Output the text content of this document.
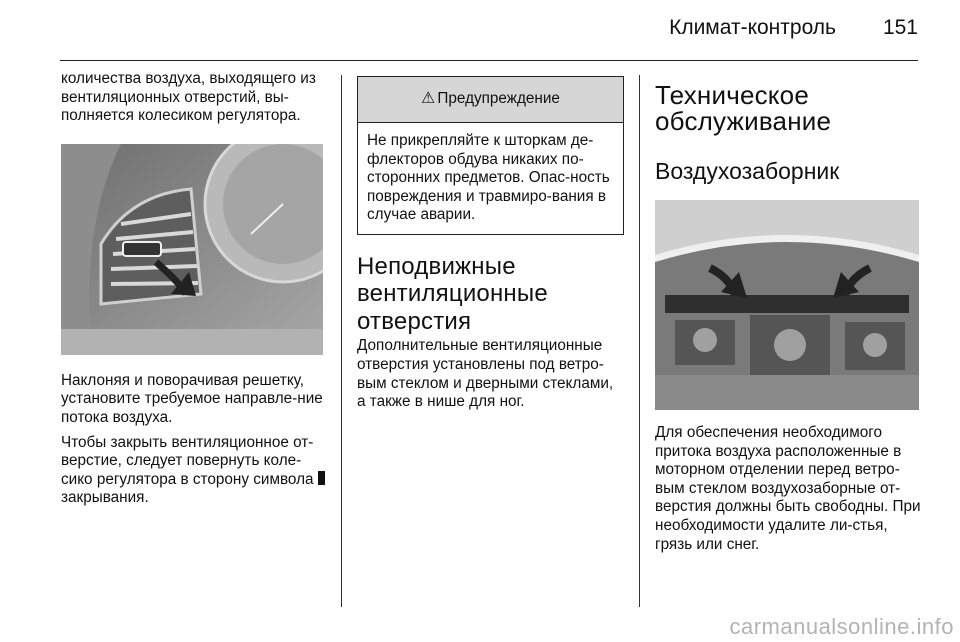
Климат-контроль 151

количества воздуха, выходящего из вентиляционных отверстий, вы-полняется колесиком регулятора.

Наклоняя и поворачивая решетку, установите требуемое направле-ние потока воздуха.

Чтобы закрыть вентиляционное от-верстие, следует повернуть коле-сико регулятора в сторону символа закрывания.

⚠ Предупреждение
Не прикрепляйте к шторкам де-флекторов обдува никаких по-сторонних предметов. Опас-ность повреждения и травмиро-вания в случае аварии.
Неподвижные вентиляционные отверстия

Дополнительные вентиляционные отверстия установлены под ветро-вым стеклом и дверными стеклами, а также в нише для ног.

Техническое обслуживание
Воздухозаборник

Для обеспечения необходимого притока воздуха расположенные в моторном отделении перед ветро-вым стеклом воздухозаборные от-верстия должны быть свободны. При необходимости удалите ли-стья, грязь или снег.

carmanualsonline.info
